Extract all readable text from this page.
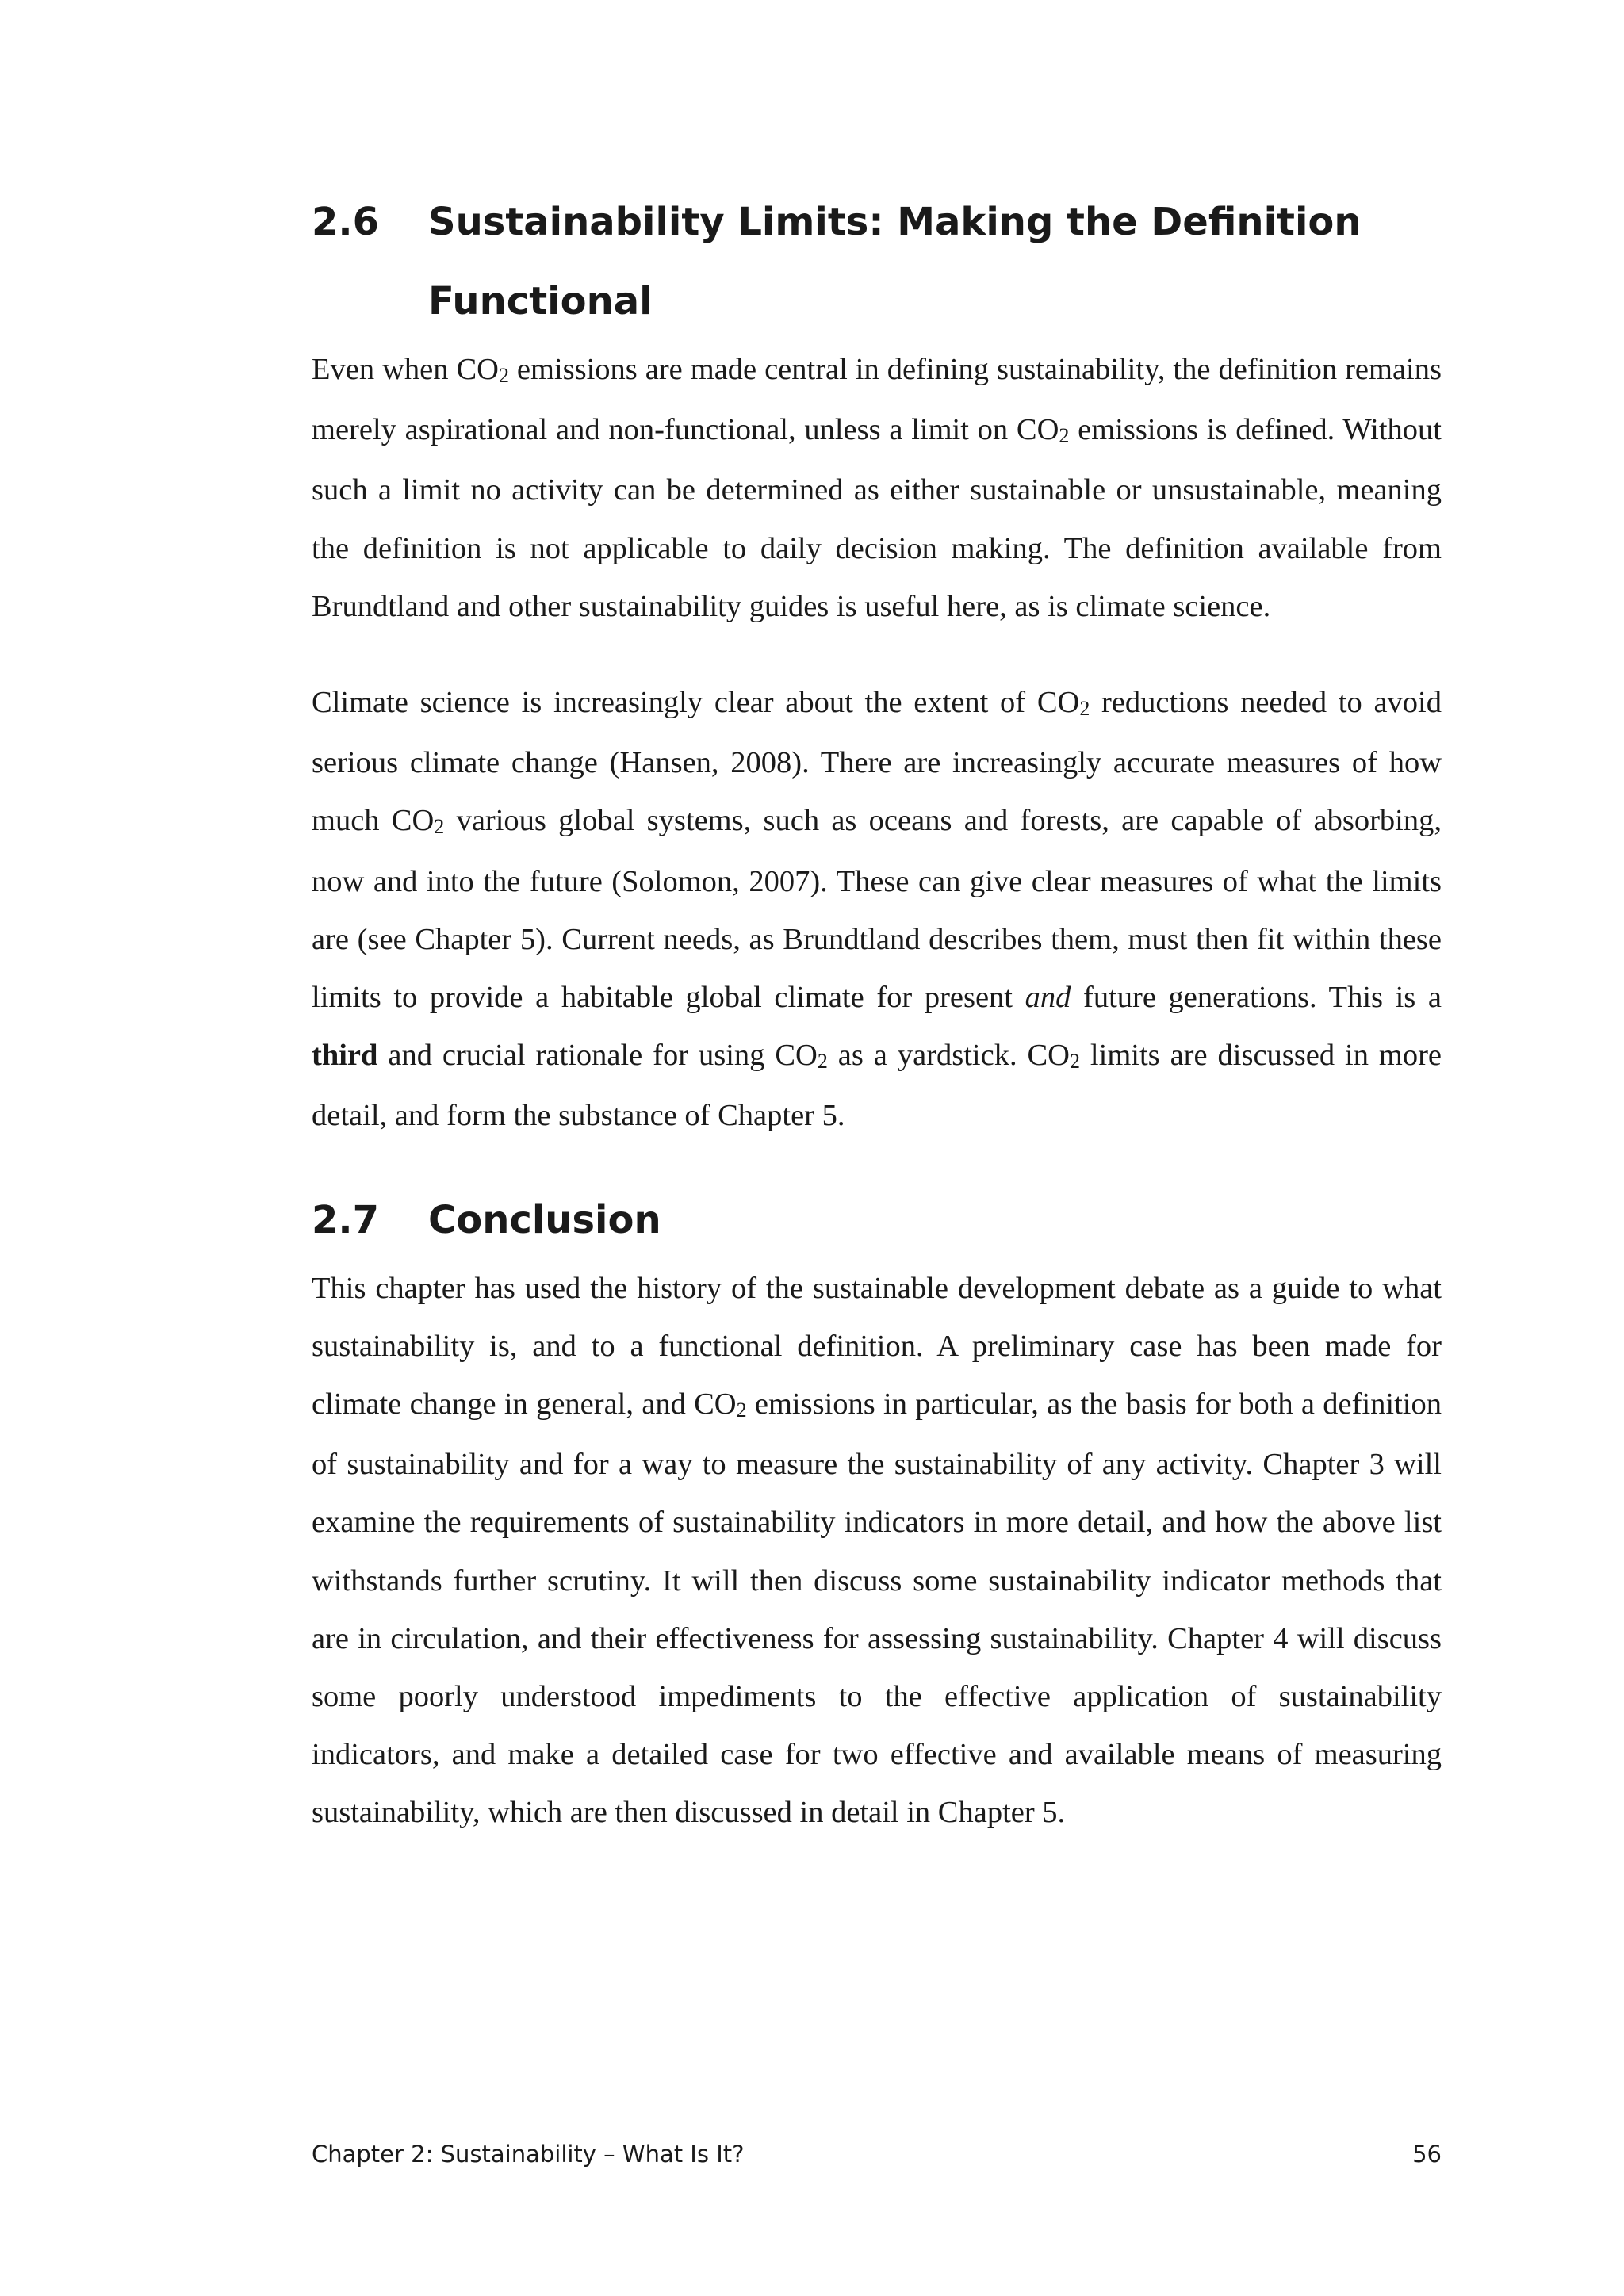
2.6	Sustainability Limits: Making the Definition Functional

Even when $CO_2$ emissions are made central in defining sustainability, the definition remains merely aspirational and non-functional, unless a limit on $CO_2$ emissions is defined. Without such a limit no activity can be determined as either sustainable or unsustainable, meaning the definition is not applicable to daily decision making. The definition available from Brundtland and other sustainability guides is useful here, as is climate science.

Climate science is increasingly clear about the extent of $CO_2$ reductions needed to avoid serious climate change (Hansen, 2008). There are increasingly accurate measures of how much $CO_2$ various global systems, such as oceans and forests, are capable of absorbing, now and into the future (Solomon, 2007). These can give clear measures of what the limits are (see Chapter 5). Current needs, as Brundtland describes them, must then fit within these limits to provide a habitable global climate for present and future generations. This is a third and crucial rationale for using $CO_2$ as a yardstick. $CO_2$ limits are discussed in more detail, and form the substance of Chapter 5.

2.7	Conclusion

This chapter has used the history of the sustainable development debate as a guide to what sustainability is, and to a functional definition. A preliminary case has been made for climate change in general, and $CO_2$ emissions in particular, as the basis for both a definition of sustainability and for a way to measure the sustainability of any activity. Chapter 3 will examine the requirements of sustainability indicators in more detail, and how the above list withstands further scrutiny. It will then discuss some sustainability indicator methods that are in circulation, and their effectiveness for assessing sustainability. Chapter 4 will discuss some poorly understood impediments to the effective application of sustainability indicators, and make a detailed case for two effective and available means of measuring sustainability, which are then discussed in detail in Chapter 5.

Chapter 2: Sustainability – What Is It?	56
